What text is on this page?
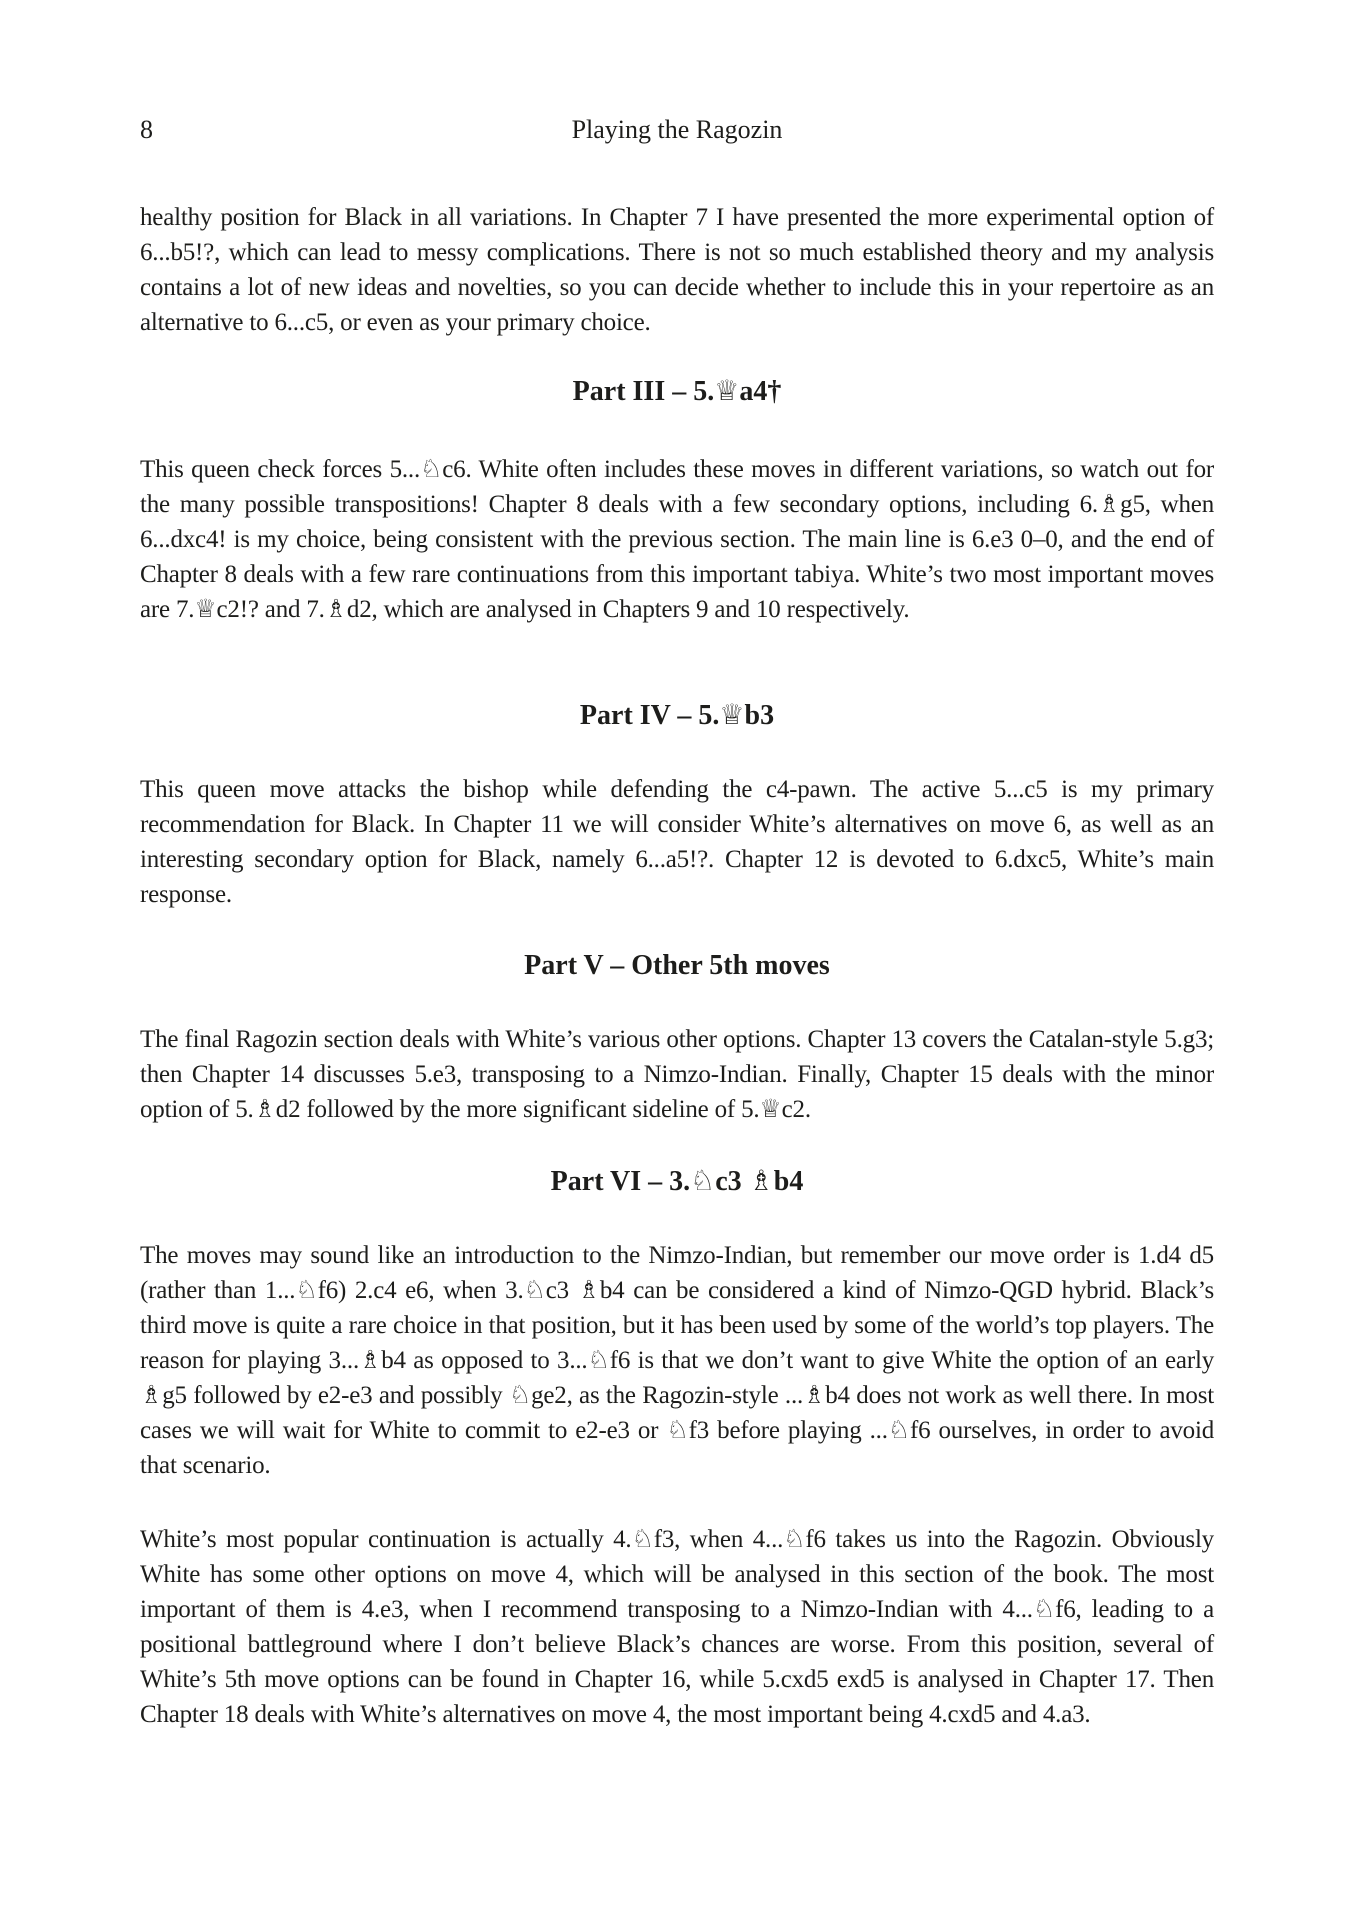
8	Playing the Ragozin

healthy position for Black in all variations. In Chapter 7 I have presented the more experimental option of 6...b5!?, which can lead to messy complications. There is not so much established theory and my analysis contains a lot of new ideas and novelties, so you can decide whether to include this in your repertoire as an alternative to 6...c5, or even as your primary choice.

Part III – 5.♕a4†

This queen check forces 5...♘c6. White often includes these moves in different variations, so watch out for the many possible transpositions! Chapter 8 deals with a few secondary options, including 6.♗g5, when 6...dxc4! is my choice, being consistent with the previous section. The main line is 6.e3 0–0, and the end of Chapter 8 deals with a few rare continuations from this important tabiya. White’s two most important moves are 7.♕c2!? and 7.♗d2, which are analysed in Chapters 9 and 10 respectively.

Part IV – 5.♕b3

This queen move attacks the bishop while defending the c4-pawn. The active 5...c5 is my primary recommendation for Black. In Chapter 11 we will consider White’s alternatives on move 6, as well as an interesting secondary option for Black, namely 6...a5!?. Chapter 12 is devoted to 6.dxc5, White’s main response.

Part V – Other 5th moves

The final Ragozin section deals with White’s various other options. Chapter 13 covers the Catalan-style 5.g3; then Chapter 14 discusses 5.e3, transposing to a Nimzo-Indian. Finally, Chapter 15 deals with the minor option of 5.♗d2 followed by the more significant sideline of 5.♕c2.

Part VI – 3.♘c3 ♗b4

The moves may sound like an introduction to the Nimzo-Indian, but remember our move order is 1.d4 d5 (rather than 1...♘f6) 2.c4 e6, when 3.♘c3 ♗b4 can be considered a kind of Nimzo-QGD hybrid. Black’s third move is quite a rare choice in that position, but it has been used by some of the world’s top players. The reason for playing 3...♗b4 as opposed to 3...♘f6 is that we don’t want to give White the option of an early ♗g5 followed by e2-e3 and possibly ♘ge2, as the Ragozin-style ...♗b4 does not work as well there. In most cases we will wait for White to commit to e2-e3 or ♘f3 before playing ...♘f6 ourselves, in order to avoid that scenario.

White’s most popular continuation is actually 4.♘f3, when 4...♘f6 takes us into the Ragozin. Obviously White has some other options on move 4, which will be analysed in this section of the book. The most important of them is 4.e3, when I recommend transposing to a Nimzo-Indian with 4...♘f6, leading to a positional battleground where I don’t believe Black’s chances are worse. From this position, several of White’s 5th move options can be found in Chapter 16, while 5.cxd5 exd5 is analysed in Chapter 17. Then Chapter 18 deals with White’s alternatives on move 4, the most important being 4.cxd5 and 4.a3.
